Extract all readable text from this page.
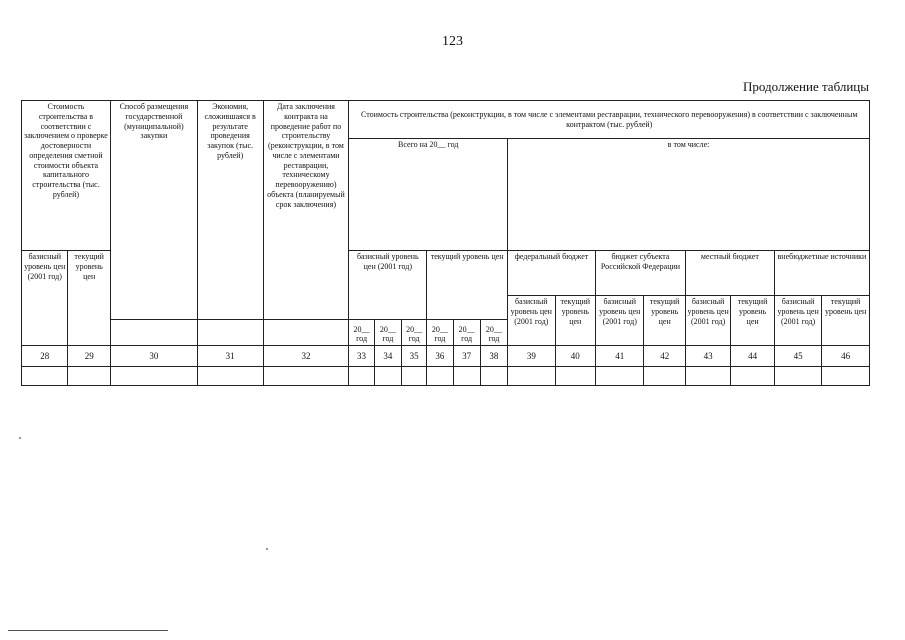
123
Продолжение таблицы
Стоимость строительства в соответствии с заключением о проверке достоверности определения сметной стоимости объекта капитального строительства (тыс. рублей)		Способ размещения государственной (муниципальной) закупки	Экономия, сложившаяся в результате проведения закупок (тыс. рублей)	Дата заключения контракта на проведение работ по строительству (реконструкции, в том числе с элементами реставрации, техническому перевооружению) объекта (планируемый срок заключения)	Стоимость строительства (реконструкции, в том числе с элементами реставрации, технического перевооружения) в соответствии с заключенным контрактом (тыс. рублей)													
					Всего на 20__ год						в том числе:							
базисный уровень цен (2001 год)	текущий уровень цен				базисный уровень цен (2001 год)			текущий уровень цен			федеральный бюджет		бюджет субъекта Российской Федерации		местный бюджет		внебюджетные источники	
											базисный уровень цен (2001 год)	текущий уровень цен	базисный уровень цен (2001 год)	текущий уровень цен	базисный уровень цен (2001 год)	текущий уровень цен	базисный уровень цен (2001 год)	текущий уровень цен
					20__ год	20__ год	20__ год	20__ год	20__ год	20__ год								
28	29	30	31	32	33	34	35	36	37	38	39	40	41	42	43	44	45	46
